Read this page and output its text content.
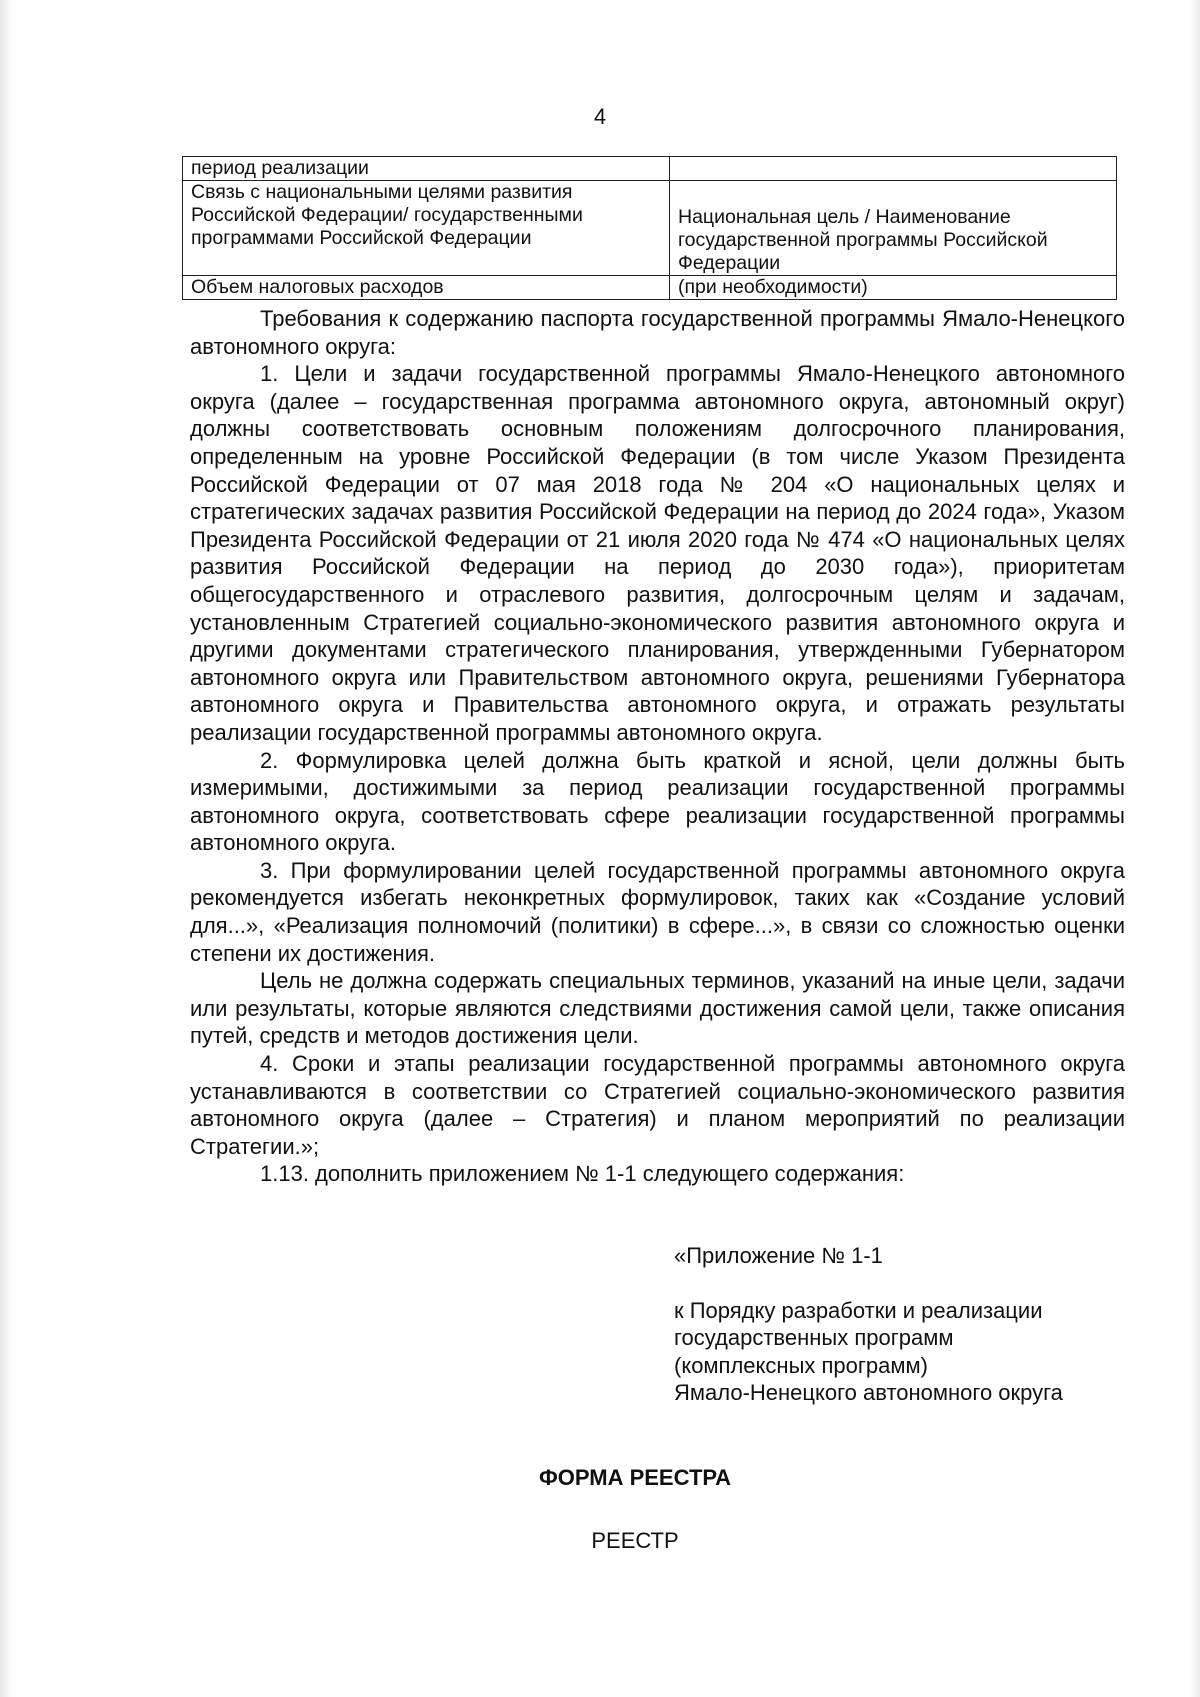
4
период реализации	
Связь с национальными целями развития Российской Федерации/ государственными программами Российской Федерации	Национальная цель / Наименование государственной программы Российской Федерации
Объем налоговых расходов	(при необходимости)

Требования к содержанию паспорта государственной программы Ямало-Ненецкого автономного округа:

1. Цели и задачи государственной программы Ямало-Ненецкого автономного округа (далее – государственная программа автономного округа, автономный округ) должны соответствовать основным положениям долгосрочного планирования, определенным на уровне Российской Федерации (в том числе Указом Президента Российской Федерации от 07 мая 2018 года № 204 «О национальных целях и стратегических задачах развития Российской Федерации на период до 2024 года», Указом Президента Российской Федерации от 21 июля 2020 года № 474 «О национальных целях развития Российской Федерации на период до 2030 года»), приоритетам общегосударственного и отраслевого развития, долгосрочным целям и задачам, установленным Стратегией социально-экономического развития автономного округа и другими документами стратегического планирования, утвержденными Губернатором автономного округа или Правительством автономного округа, решениями Губернатора автономного округа и Правительства автономного округа, и отражать результаты реализации государственной программы автономного округа.

2. Формулировка целей должна быть краткой и ясной, цели должны быть измеримыми, достижимыми за период реализации государственной программы автономного округа, соответствовать сфере реализации государственной программы автономного округа.

3. При формулировании целей государственной программы автономного округа рекомендуется избегать неконкретных формулировок, таких как «Создание условий для...», «Реализация полномочий (политики) в сфере...», в связи со сложностью оценки степени их достижения.

Цель не должна содержать специальных терминов, указаний на иные цели, задачи или результаты, которые являются следствиями достижения самой цели, также описания путей, средств и методов достижения цели.

4. Сроки и этапы реализации государственной программы автономного округа устанавливаются в соответствии со Стратегией социально-экономического развития автономного округа (далее – Стратегия) и планом мероприятий по реализации Стратегии.»;

1.13. дополнить приложением № 1-1 следующего содержания:

«Приложение № 1-1
к Порядку разработки и реализации
государственных программ
(комплексных программ)
Ямало-Ненецкого автономного округа
ФОРМА РЕЕСТРА
РЕЕСТР
